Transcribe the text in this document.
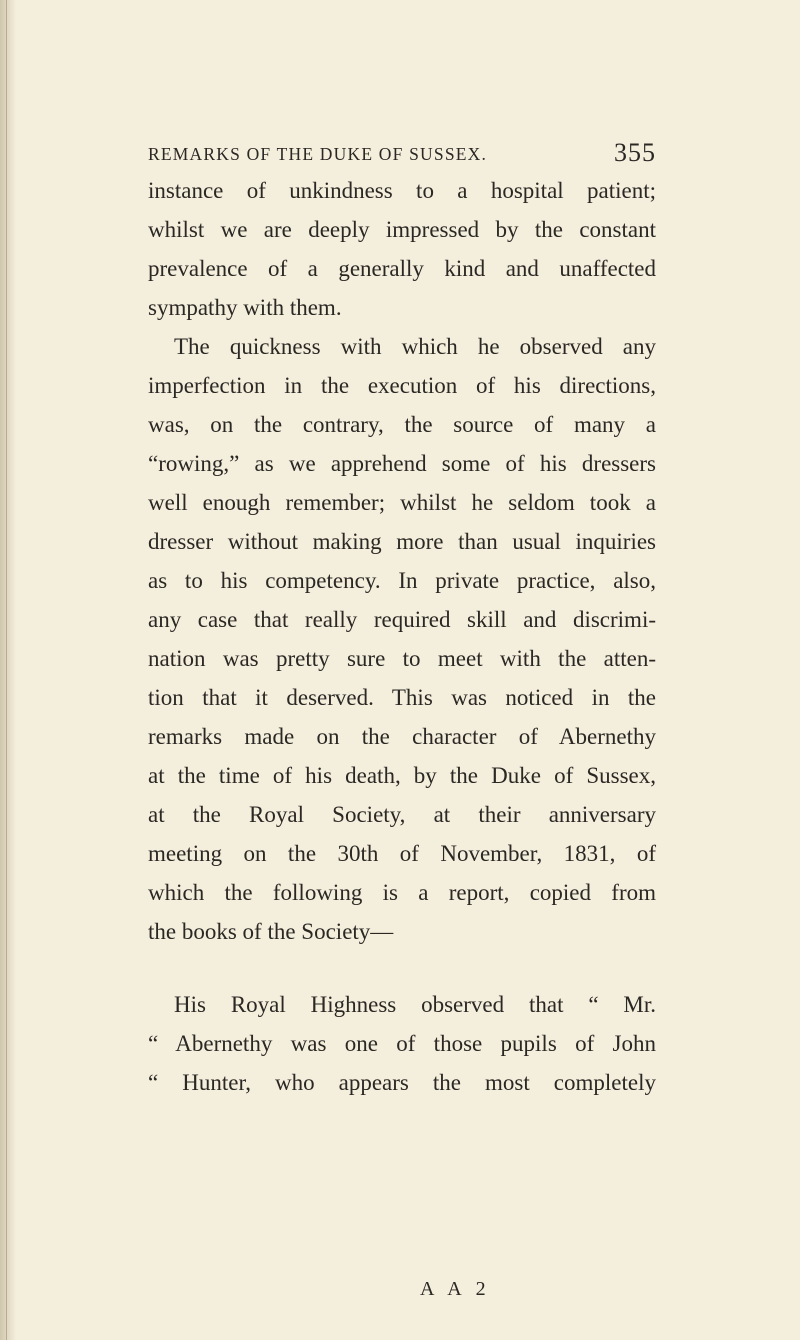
REMARKS OF THE DUKE OF SUSSEX.	355
instance of unkindness to a hospital patient;
whilst we are deeply impressed by the constant
prevalence of a generally kind and unaffected
sympathy with them.
The quickness with which he observed any
imperfection in the execution of his directions,
was, on the contrary, the source of many a
“rowing,” as we apprehend some of his dressers
well enough remember; whilst he seldom took a
dresser without making more than usual inquiries
as to his competency. In private practice, also,
any case that really required skill and discrimi-
nation was pretty sure to meet with the atten-
tion that it deserved. This was noticed in the
remarks made on the character of Abernethy
at the time of his death, by the Duke of Sussex,
at the Royal Society, at their anniversary
meeting on the 30th of November, 1831, of
which the following is a report, copied from
the books of the Society—
His Royal Highness observed that “ Mr.
“ Abernethy was one of those pupils of John
“ Hunter, who appears the most completely
A A 2
